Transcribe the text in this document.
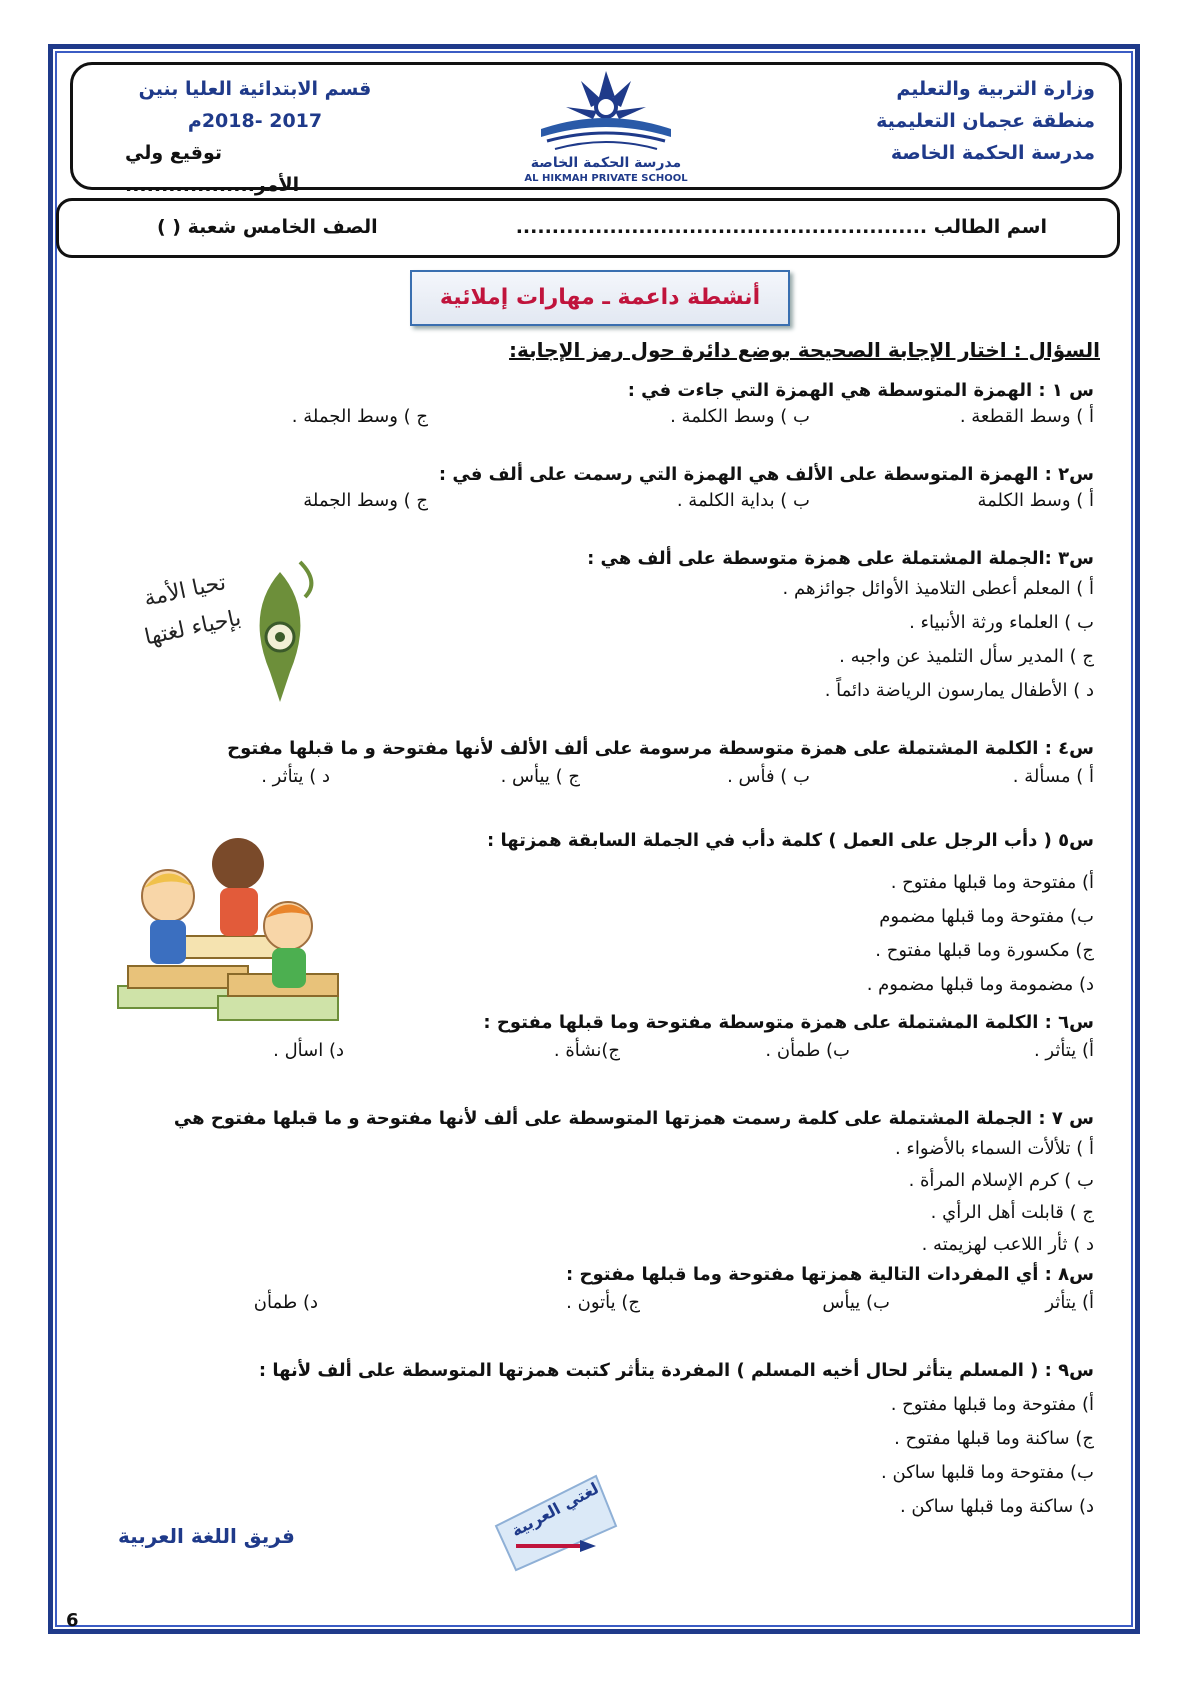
وزارة التربية والتعليم
منطقة عجمان التعليمية
مدرسة الحكمة الخاصة
مدرسة الحكمة الخاصة
AL HIKMAH PRIVATE SCHOOL
قسم الابتدائية العليا بنين
2017 -2018م
توقيع ولي الأمر..................
اسم الطالب .........................................................
الصف الخامس شعبة ( )
أنشطة داعمة ـ مهارات إملائية
السؤال : اختار الإجابة الصحيحة بوضع دائرة حول رمز الإجابة:
س ١ : الهمزة المتوسطة هي الهمزة التي جاءت في :
أ ) وسط القطعة .
ب ) وسط الكلمة .
ج ) وسط الجملة .
س٢ : الهمزة المتوسطة على الألف هي الهمزة التي رسمت على ألف في :
أ ) وسط الكلمة
ب ) بداية الكلمة .
ج ) وسط الجملة
س٣ :الجملة المشتملة على همزة متوسطة على ألف هي :
أ ) المعلم أعطى التلاميذ الأوائل جوائزهم .
ب ) العلماء ورثة الأنبياء .
ج ) المدير سأل التلميذ عن واجبه .
د ) الأطفال يمارسون الرياضة دائماً .
تحيا الأمة بإحياء لغتها
س٤ : الكلمة المشتملة على همزة متوسطة مرسومة على ألف الألف لأنها مفتوحة و ما قبلها مفتوح
أ ) مسألة .
ب ) فأس .
ج ) ييأس .
د ) يتأثر .
س٥ ( دأب الرجل على العمل ) كلمة دأب في الجملة السابقة همزتها :
أ) مفتوحة وما قبلها مفتوح .
ب) مفتوحة وما قبلها مضموم
ج) مكسورة وما قبلها مفتوح .
د) مضمومة وما قبلها مضموم .
س٦ : الكلمة المشتملة على همزة متوسطة مفتوحة وما قبلها مفتوح :
أ) يتأثر .
ب) طمأن .
ج)نشأة .
د) اسأل .
س ٧ : الجملة المشتملة على كلمة رسمت همزتها المتوسطة على ألف لأنها مفتوحة و ما قبلها مفتوح هي
أ ) تلألأت السماء بالأضواء .
ب ) كرم الإسلام المرأة .
ج ) قابلت أهل الرأي .
د ) ثأر اللاعب لهزيمته .
س٨ : أي المفردات التالية همزتها مفتوحة وما قبلها مفتوح :
أ) يتأثر
ب) ييأس
ج) يأتون .
د) طمأن
س٩ : ( المسلم يتأثر لحال أخيه المسلم ) المفردة يتأثر كتبت همزتها المتوسطة على ألف لأنها :
أ) مفتوحة وما قبلها مفتوح .
ج) ساكنة وما قبلها مفتوح .
ب) مفتوحة وما قلبها ساكن .
د) ساكنة وما قبلها ساكن .
لغتي العربية
فريق اللغة العربية
6
